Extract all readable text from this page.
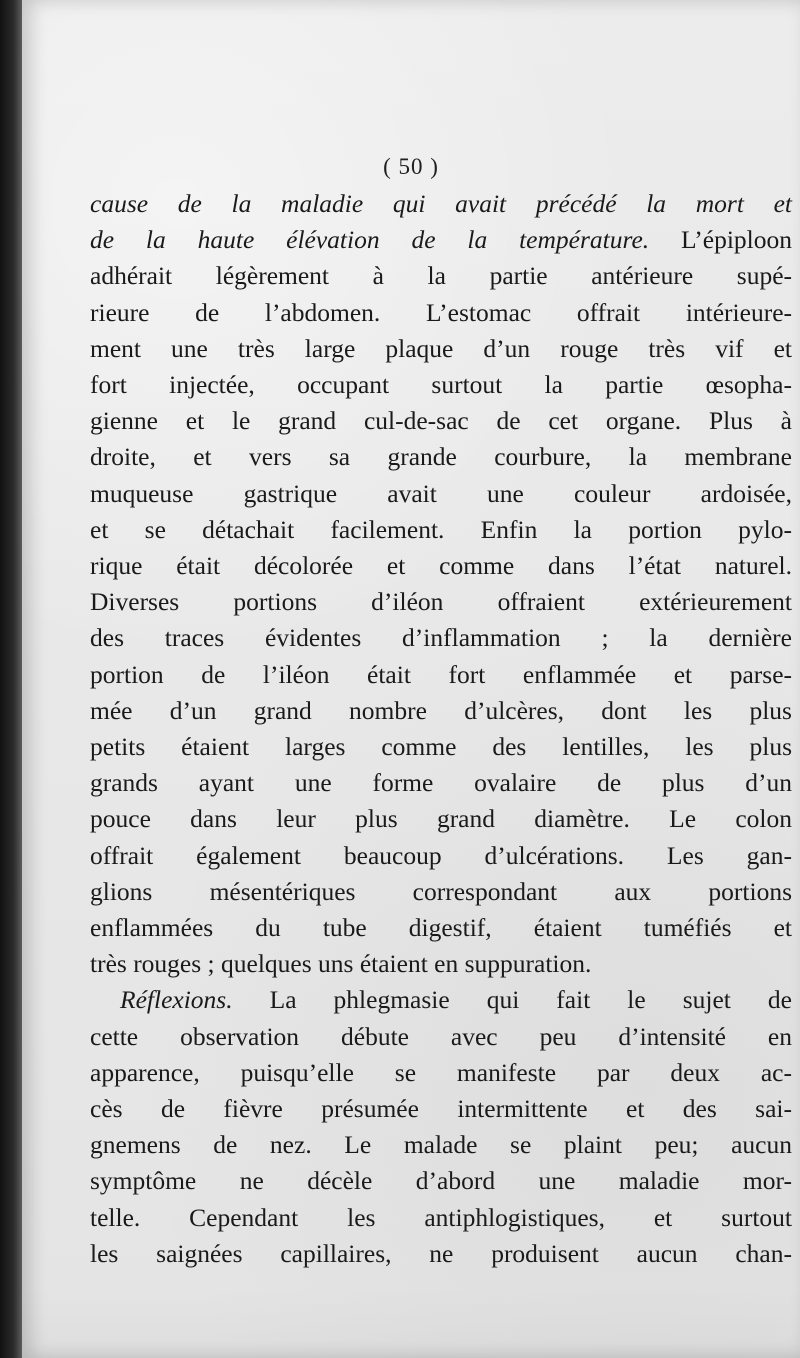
( 50 )
cause de la maladie qui avait précédé la mort et
de la haute élévation de la température. L’épiploon
adhérait légèrement à la partie antérieure supé-
rieure de l’abdomen. L’estomac offrait intérieure-
ment une très large plaque d’un rouge très vif et
fort injectée, occupant surtout la partie œsopha-
gienne et le grand cul-de-sac de cet organe. Plus à
droite, et vers sa grande courbure, la membrane
muqueuse gastrique avait une couleur ardoisée,
et se détachait facilement. Enfin la portion pylo-
rique était décolorée et comme dans l’état naturel.
Diverses portions d’iléon offraient extérieurement
des traces évidentes d’inflammation ; la dernière
portion de l’iléon était fort enflammée et parse-
mée d’un grand nombre d’ulcères, dont les plus
petits étaient larges comme des lentilles, les plus
grands ayant une forme ovalaire de plus d’un
pouce dans leur plus grand diamètre. Le colon
offrait également beaucoup d’ulcérations. Les gan-
glions mésentériques correspondant aux portions
enflammées du tube digestif, étaient tuméfiés et
très rouges ; quelques uns étaient en suppuration.
Réflexions. La phlegmasie qui fait le sujet de
cette observation débute avec peu d’intensité en
apparence, puisqu’elle se manifeste par deux ac-
cès de fièvre présumée intermittente et des sai-
gnemens de nez. Le malade se plaint peu; aucun
symptôme ne décèle d’abord une maladie mor-
telle. Cependant les antiphlogistiques, et surtout
les saignées capillaires, ne produisent aucun chan-
